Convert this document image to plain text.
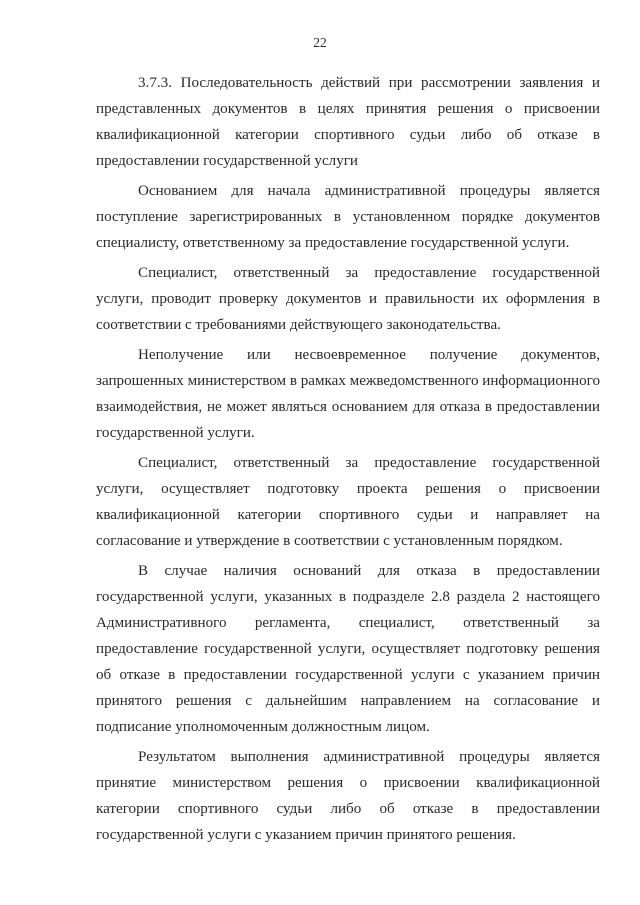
22

3.7.3. Последовательность действий при рассмотрении заявления и представленных документов в целях принятия решения о присвоении квалификационной категории спортивного судьи либо об отказе в предоставлении государственной услуги

Основанием для начала административной процедуры является поступление зарегистрированных в установленном порядке документов специалисту, ответственному за предоставление государственной услуги.

Специалист, ответственный за предоставление государственной услуги, проводит проверку документов и правильности их оформления в соответствии с требованиями действующего законодательства.

Неполучение или несвоевременное получение документов, запрошенных министерством в рамках межведомственного информационного взаимодействия, не может являться основанием для отказа в предоставлении государственной услуги.

Специалист, ответственный за предоставление государственной услуги, осуществляет подготовку проекта решения о присвоении квалификационной категории спортивного судьи и направляет на согласование и утверждение в соответствии с установленным порядком.

В случае наличия оснований для отказа в предоставлении государственной услуги, указанных в подразделе 2.8 раздела 2 настоящего Административного регламента, специалист, ответственный за предоставление государственной услуги, осуществляет подготовку решения об отказе в предоставлении государственной услуги с указанием причин принятого решения с дальнейшим направлением на согласование и подписание уполномоченным должностным лицом.

Результатом выполнения административной процедуры является принятие министерством решения о присвоении квалификационной категории спортивного судьи либо об отказе в предоставлении государственной услуги с указанием причин принятого решения.
